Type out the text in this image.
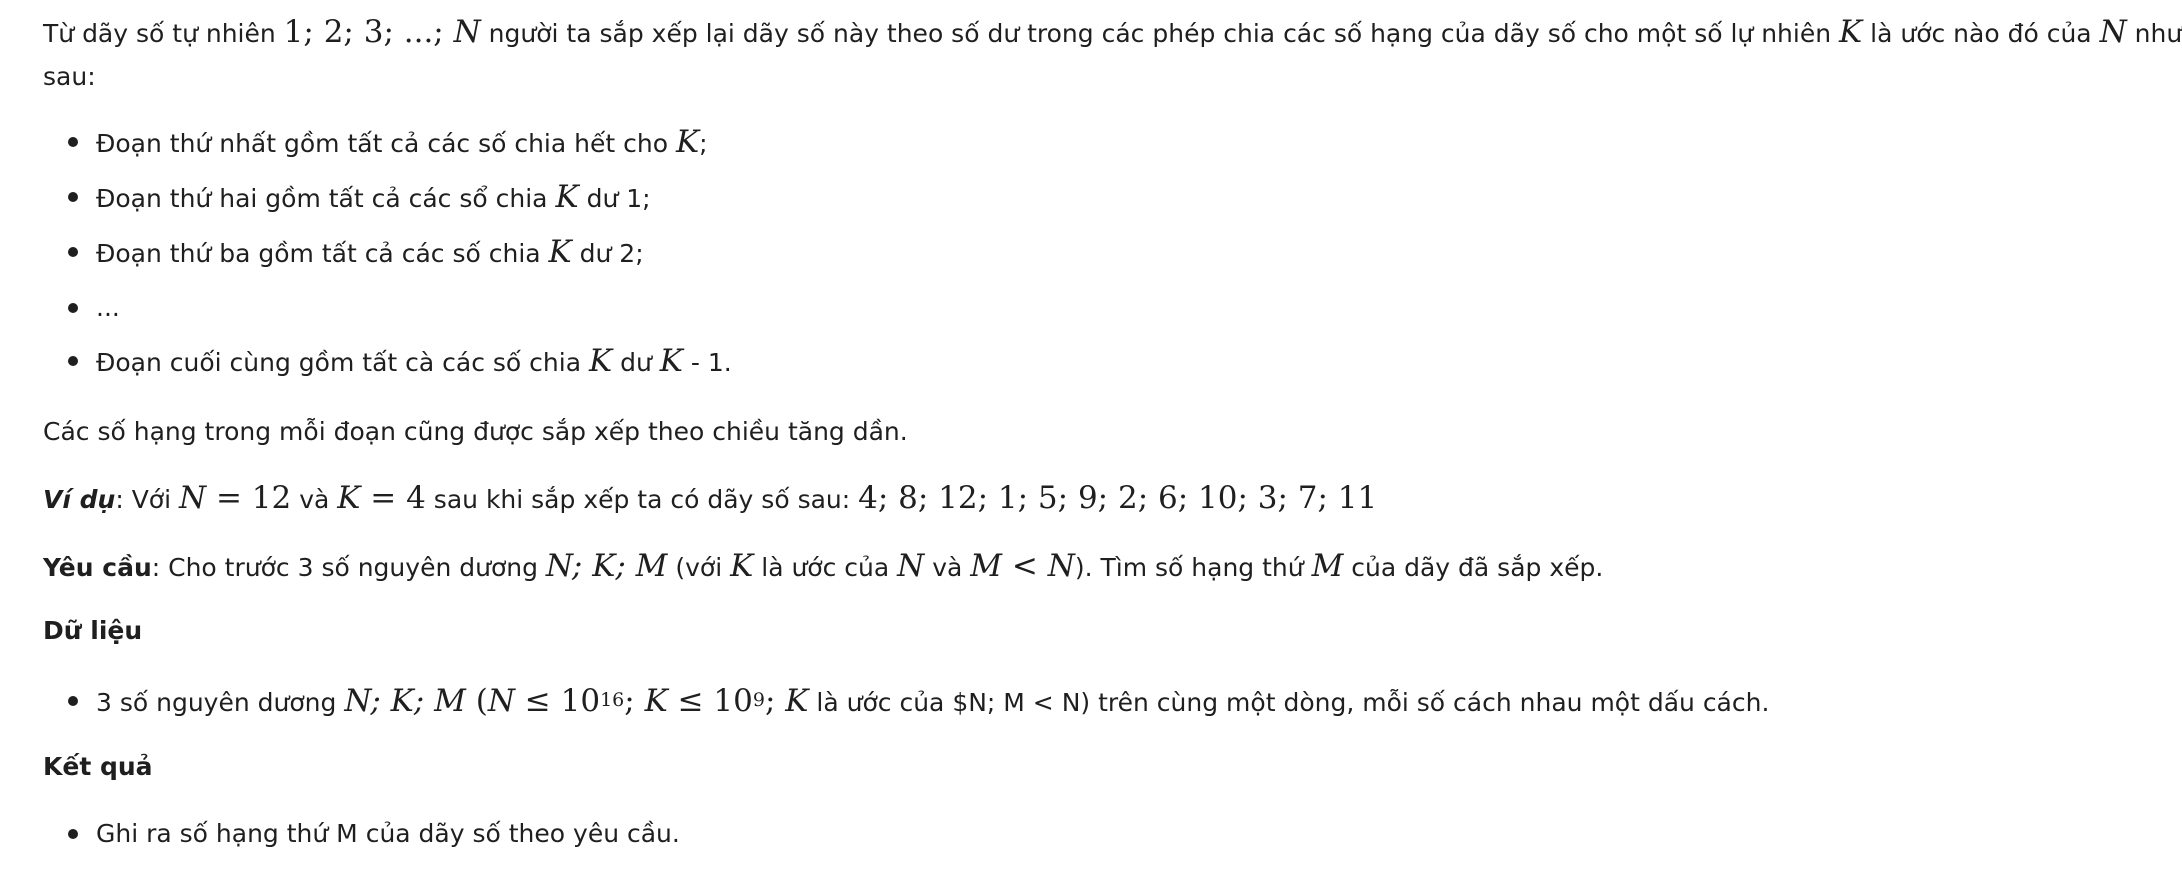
Từ dãy số tự nhiên 1; 2; 3; ...; N người ta sắp xếp lại dãy số này theo số dư trong các phép chia các số hạng của dãy số cho một số lự nhiên K là ước nào đó của N như
sau:
Đoạn thứ nhất gồm tất cả các số chia hết cho K;
Đoạn thứ hai gồm tất cả các sổ chia K dư 1;
Đoạn thứ ba gồm tất cả các số chia K dư 2;
...
Đoạn cuối cùng gồm tất cà các số chia K dư K - 1.
Các số hạng trong mỗi đoạn cũng được sắp xếp theo chiều tăng dần.
Ví dụ: Với N = 12 và K = 4 sau khi sắp xếp ta có dãy số sau: 4; 8; 12; 1; 5; 9; 2; 6; 10; 3; 7; 11
Yêu cầu: Cho trước 3 số nguyên dương N; K; M (với K là ước của N và M < N). Tìm số hạng thứ M của dãy đã sắp xếp.
Dữ liệu
3 số nguyên dương N; K; M ($N \le 10^{16}$; $K \le 10^9$; K là ước của $N; M < N) trên cùng một dòng, mỗi số cách nhau một dấu cách.
Kết quả
Ghi ra số hạng thứ M của dãy số theo yêu cầu.
